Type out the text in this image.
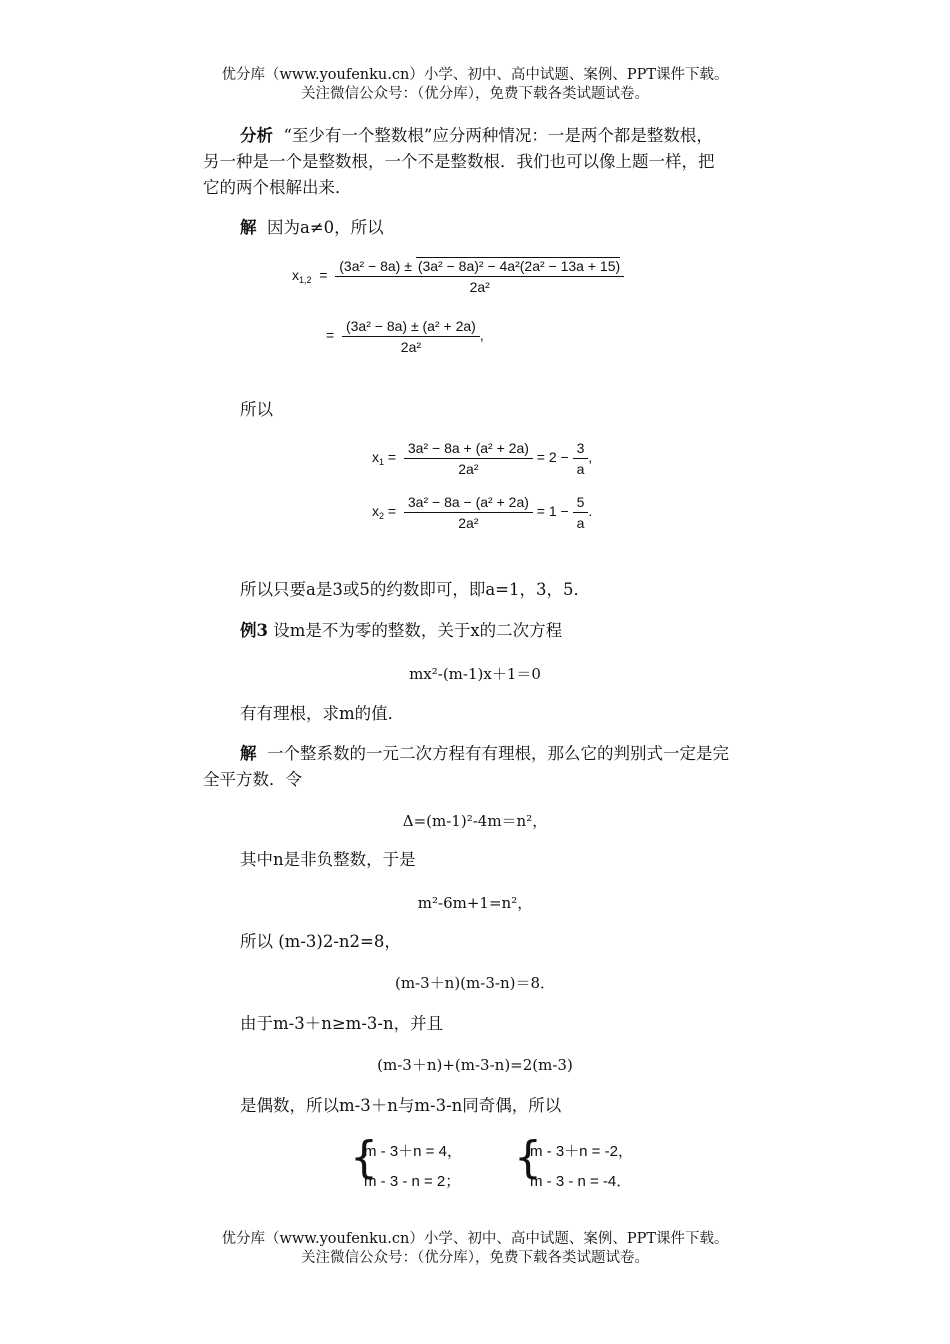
优分库（www.youfenku.cn）小学、初中、高中试题、案例、PPT课件下载。
关注微信公众号：（优分库），免费下载各类试题试卷。
分析 “至少有一个整数根”应分两种情况：一是两个都是整数根，
另一种是一个是整数根，一个不是整数根．我们也可以像上题一样，把
它的两个根解出来．
解 因为a≠0，所以
$x_{1,2} = \frac{\text{(3a² − 8a) ± (3a² − 8a)² − 4a²(2a² − 13a + 15)}}{\text{2a²}}$
= $\frac{\text{(3a² − 8a) ± (a² + 2a)}}{\text{2a²}}$ ,
所以
$x_1 = \frac{\text{3a² − 8a + (a² + 2a)}}{\text{2a²}} = 2 - \frac{3}{a}$ ,
$x_2 = \frac{\text{3a² − 8a − (a² + 2a)}}{\text{2a²}} = 1 - \frac{5}{a}$ .
所以只要a是3或5的约数即可，即a=1，3，5．
例3 设m是不为零的整数，关于x的二次方程
mx²-(m-1)x＋1＝0
有有理根，求m的值．
解 一个整系数的一元二次方程有有理根，那么它的判别式一定是完
全平方数．令
Δ=(m-1)²-4m＝n²，
其中n是非负整数，于是
m²-6m+1=n²，
所以 (m-3)2-n2=8，
(m-3＋n)(m-3-n)＝8．
由于m-3＋n≥m-3-n，并且
(m-3＋n)+(m-3-n)=2(m-3)
是偶数，所以m-3＋n与m-3-n同奇偶，所以
{
m - 3＋n = 4，
m - 3 - n = 2； {
m - 3＋n = -2，
m - 3 - n = -4．
优分库（www.youfenku.cn）小学、初中、高中试题、案例、PPT课件下载。
关注微信公众号：（优分库），免费下载各类试题试卷。
